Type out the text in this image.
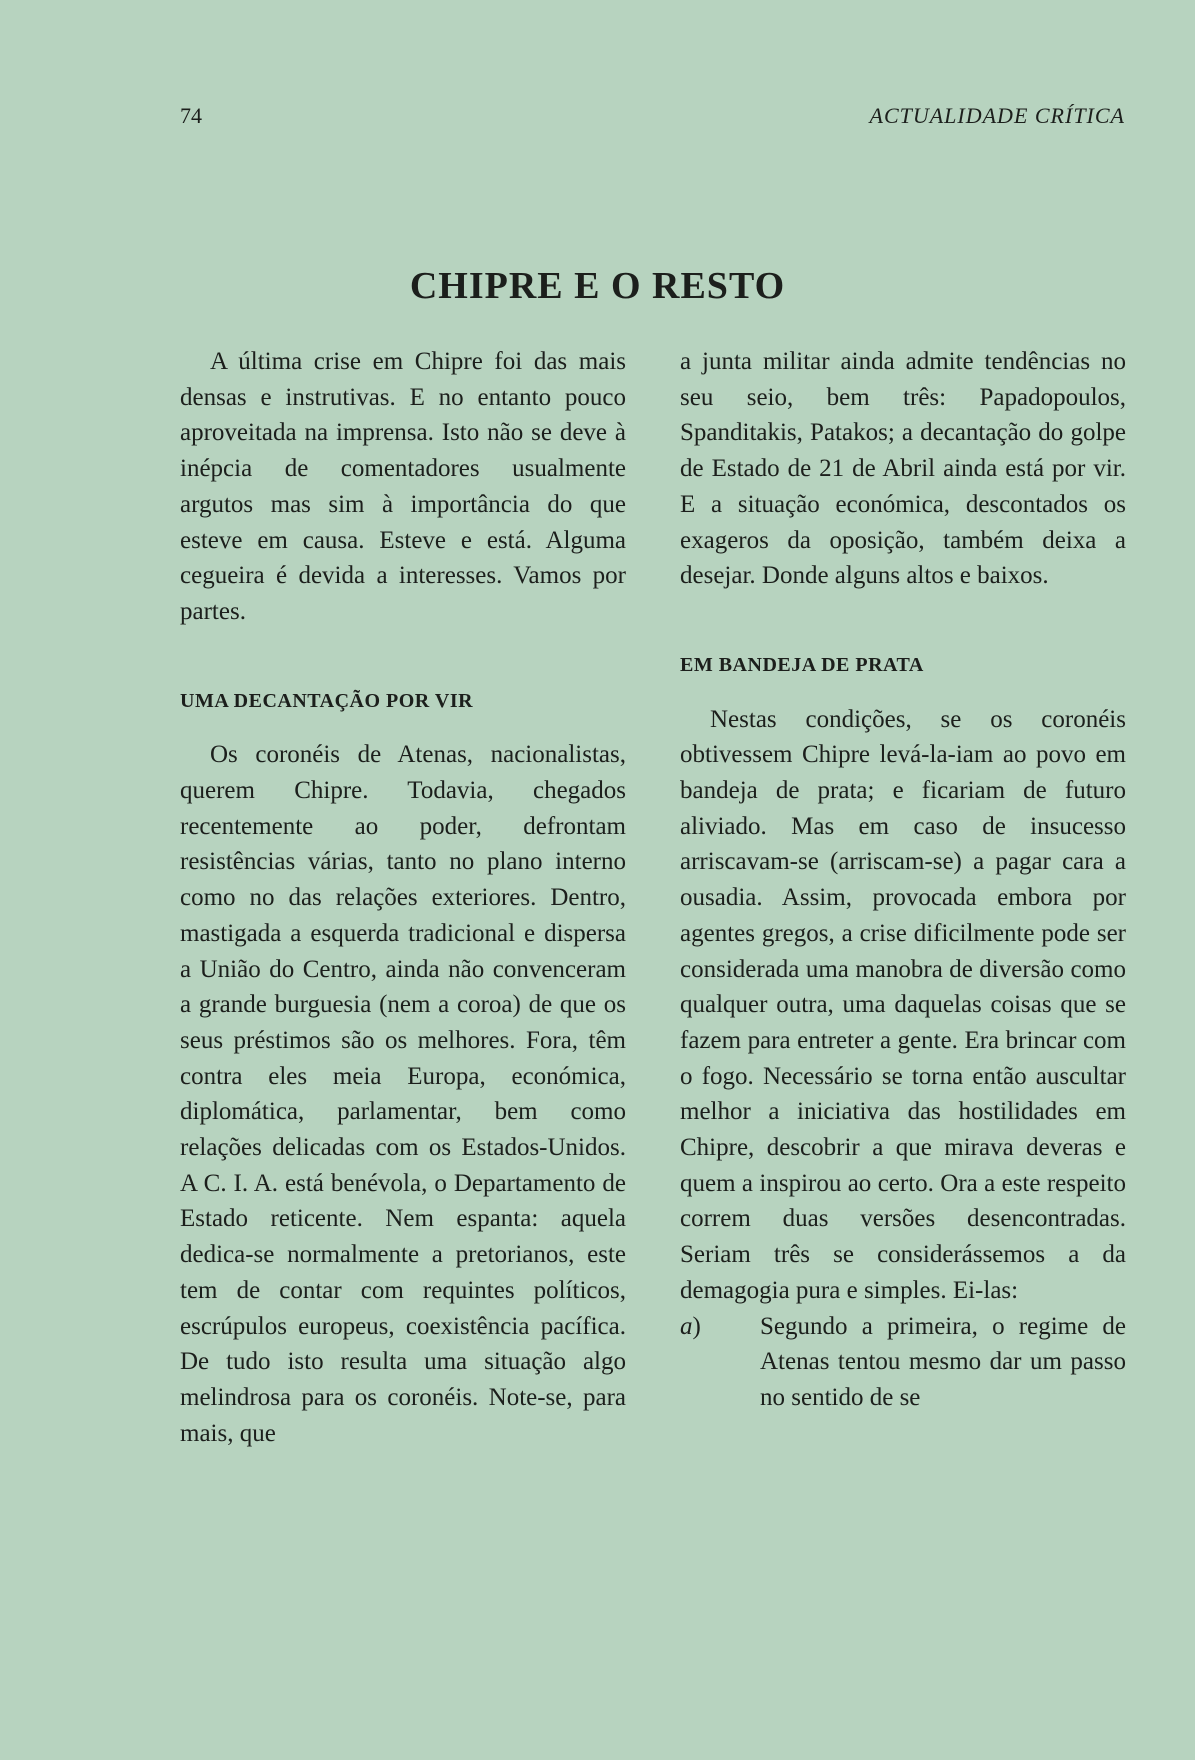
74	ACTUALIDADE CRÍTICA
CHIPRE E O RESTO

A última crise em Chipre foi das mais densas e instrutivas. E no entanto pouco aproveitada na imprensa. Isto não se deve à inépcia de comentadores usualmente argutos mas sim à importância do que esteve em causa. Esteve e está. Alguma cegueira é devida a interesses. Vamos por partes.

UMA DECANTAÇÃO POR VIR

Os coronéis de Atenas, nacionalistas, querem Chipre. Todavia, chegados recentemente ao poder, defrontam resistências várias, tanto no plano interno como no das relações exteriores. Dentro, mastigada a esquerda tradicional e dispersa a União do Centro, ainda não convenceram a grande burguesia (nem a coroa) de que os seus préstimos são os melhores. Fora, têm contra eles meia Europa, económica, diplomática, parlamentar, bem como relações delicadas com os Estados-Unidos. A C. I. A. está benévola, o Departamento de Estado reticente. Nem espanta: aquela dedica-se normalmente a pretorianos, este tem de contar com requintes políticos, escrúpulos europeus, coexistência pacífica. De tudo isto resulta uma situação algo melindrosa para os coronéis. Note-se, para mais, que

a junta militar ainda admite tendências no seu seio, bem três: Papadopoulos, Spanditakis, Patakos; a decantação do golpe de Estado de 21 de Abril ainda está por vir. E a situação económica, descontados os exageros da oposição, também deixa a desejar. Donde alguns altos e baixos.

EM BANDEJA DE PRATA

Nestas condições, se os coronéis obtivessem Chipre levá-la-iam ao povo em bandeja de prata; e ficariam de futuro aliviado. Mas em caso de insucesso arriscavam-se (arriscam-se) a pagar cara a ousadia. Assim, provocada embora por agentes gregos, a crise dificilmente pode ser considerada uma manobra de diversão como qualquer outra, uma daquelas coisas que se fazem para entreter a gente. Era brincar com o fogo. Necessário se torna então auscultar melhor a iniciativa das hostilidades em Chipre, descobrir a que mirava deveras e quem a inspirou ao certo. Ora a este respeito correm duas versões desencontradas. Seriam três se considerássemos a da demagogia pura e simples. Ei-las:

a)	Segundo a primeira, o regime de Atenas tentou mesmo dar um passo no sentido de se
